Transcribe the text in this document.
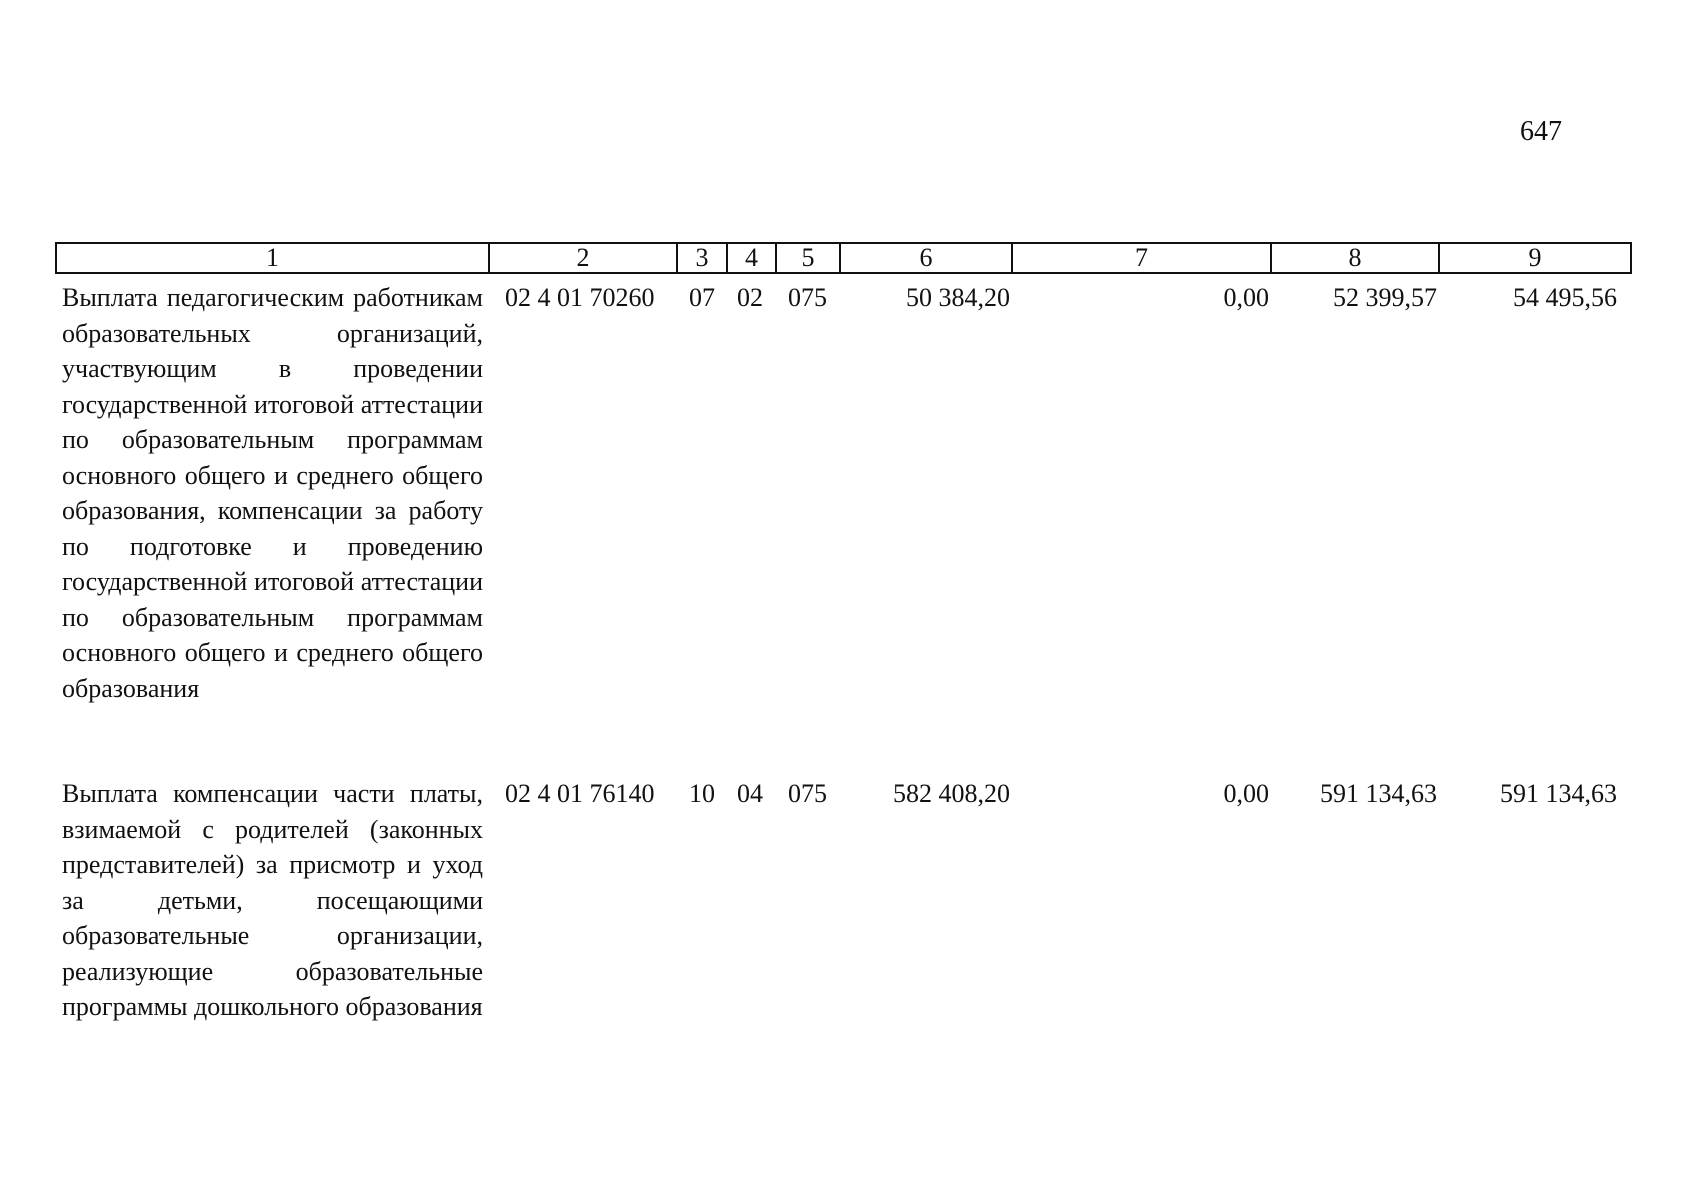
647
1	2	3	4	5	6	7	8	9
Выплата педагогическим работникам образовательных организаций, участвующим в проведении государственной итоговой аттестации по образовательным программам основного общего и среднего общего образования, компенсации за работу по подготовке и проведению государственной итоговой аттестации по образовательным программам основного общего и среднего общего образования	02 4 01 70260	07	02	075	50 384,20	0,00	52 399,57	54 495,56
Выплата компенсации части платы, взимаемой с родителей (законных представителей) за присмотр и уход за детьми, посещающими образовательные организации, реализующие образовательные программы дошкольного образования	02 4 01 76140	10	04	075	582 408,20	0,00	591 134,63	591 134,63
